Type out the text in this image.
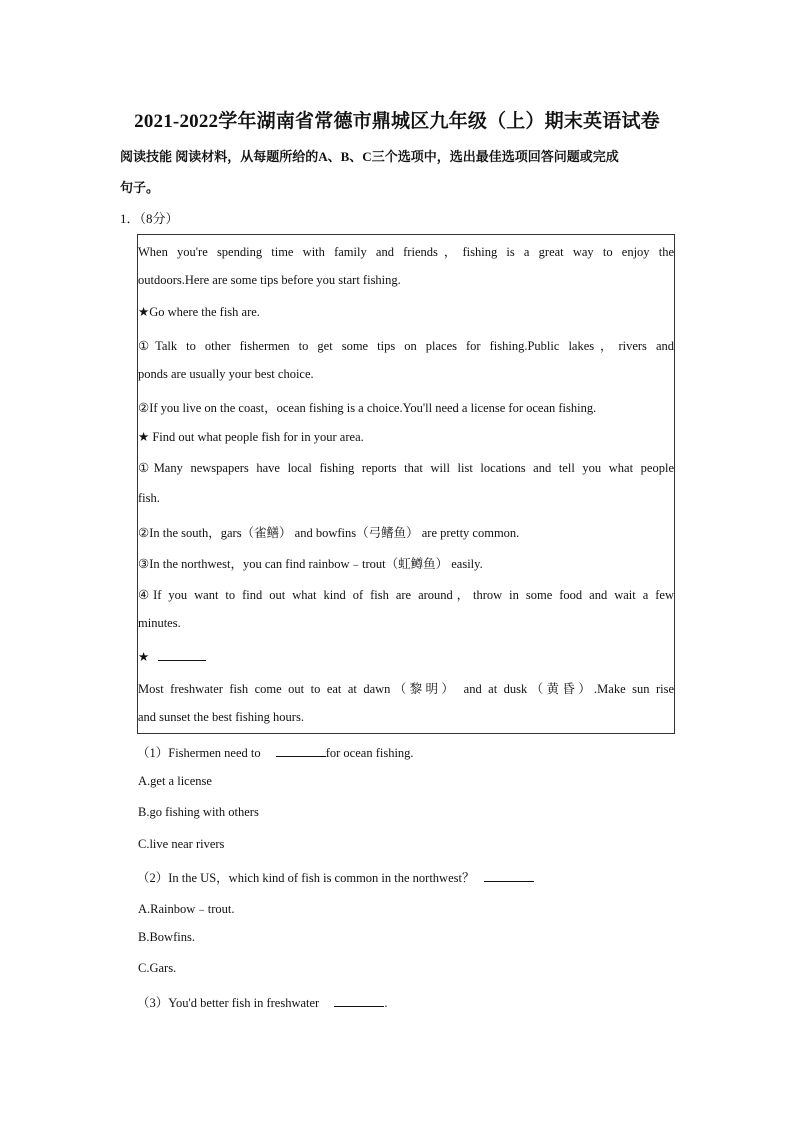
2021-2022学年湖南省常德市鼎城区九年级（上）期末英语试卷
阅读技能 阅读材料，从每题所给的A、B、C三个选项中，选出最佳选项回答问题或完成
句子。
1．（8分）
When you're spending time with family and friends，fishing is a great way to enjoy the
outdoors.Here are some tips before you start fishing.
★Go where the fish are.
①Talk to other fishermen to get some tips on places for fishing.Public lakes，rivers and
ponds are usually your best choice.
②If you live on the coast，ocean fishing is a choice.You'll need a license for ocean fishing.
★ Find out what people fish for in your area.
①Many newspapers have local fishing reports that will list locations and tell you what people
fish.
②In the south，gars（雀鳝） and bowfins（弓鳍鱼） are pretty common.
③In the northwest，you can find rainbow﹣trout（虹鳟鱼） easily.
④If you want to find out what kind of fish are around，throw in some food and wait a few
minutes.
★
Most freshwater fish come out to eat at dawn（黎明） and at dusk（黄昏）.Make sun rise
and sunset the best fishing hours.
（1）Fishermen need to	for ocean fishing.
A.get a license
B.go fishing with others
C.live near rivers
（2）In the US，which kind of fish is common in the northwest？
A.Rainbow﹣trout.
B.Bowfins.
C.Gars.
（3）You'd better fish in freshwater	.
